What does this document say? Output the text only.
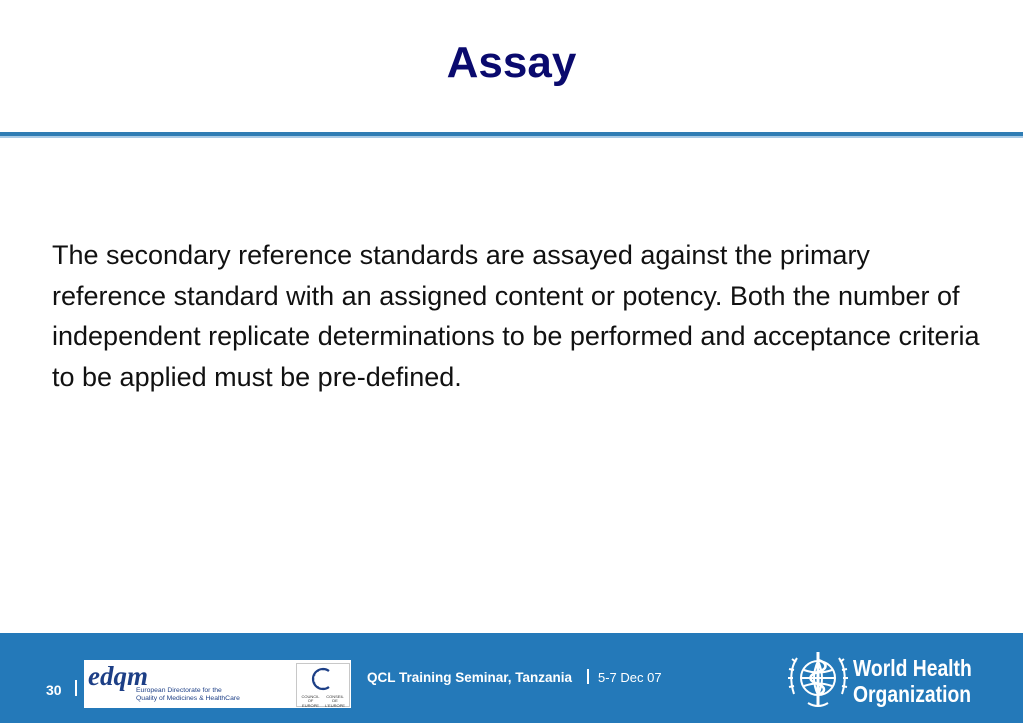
Assay
The secondary reference standards are assayed against the primary reference standard with an assigned content or potency. Both the number of independent replicate determinations to be performed and acceptance criteria to be applied must be pre-defined.
30 edqm
European Directorate for the
Quality of Medicines & HealthCare	COUNCIL OF EUROPE
CONSEIL DE L'EUROPE
QCL Training Seminar, Tanzania 5-7 Dec 07	World Health
Organization
